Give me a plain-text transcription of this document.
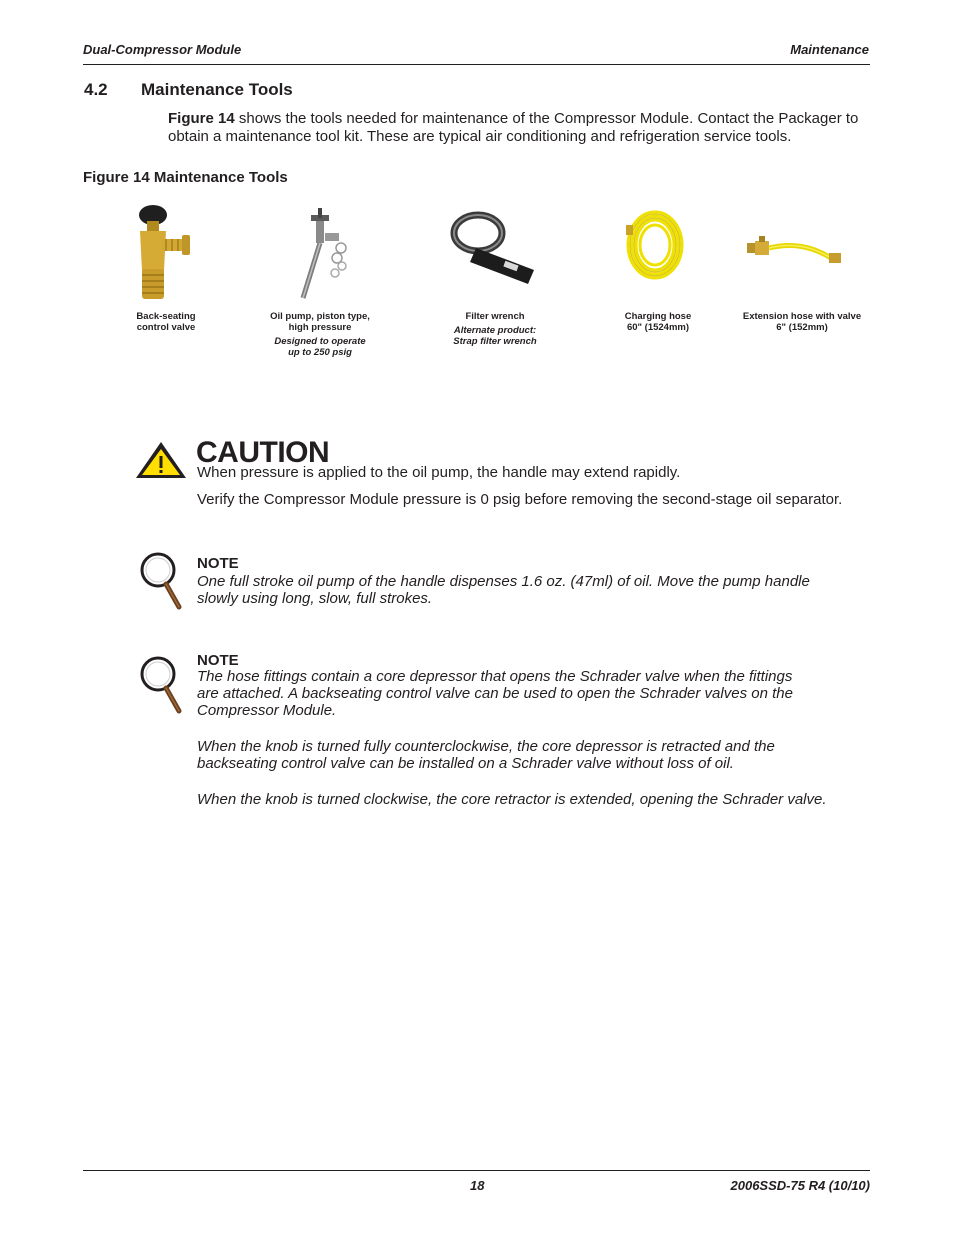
Dual-Compressor Module	Maintenance
4.2 Maintenance Tools
Figure 14 shows the tools needed for maintenance of the Compressor Module. Contact the Packager to
obtain a maintenance tool kit. These are typical air conditioning and refrigeration service tools.
Figure 14 Maintenance Tools
Back-seating
control valve
Oil pump, piston type,
high pressure
Designed to operate
up to 250 psig
Filter wrench
Alternate product:
Strap filter wrench
Charging hose
60" (1524mm)
Extension hose with valve
6" (152mm)
CAUTION
When pressure is applied to the oil pump, the handle may extend rapidly.
Verify the Compressor Module pressure is 0 psig before removing the second-stage oil separator.
NOTE
One full stroke oil pump of the handle dispenses 1.6 oz. (47ml) of oil. Move the pump handle
slowly using long, slow, full strokes.
NOTE
The hose fittings contain a core depressor that opens the Schrader valve when the fittings
are attached. A backseating control valve can be used to open the Schrader valves on the
Compressor Module.
When the knob is turned fully counterclockwise, the core depressor is retracted and the
backseating control valve can be installed on a Schrader valve without loss of oil.
When the knob is turned clockwise, the core retractor is extended, opening the Schrader valve.
18	2006SSD-75 R4 (10/10)
